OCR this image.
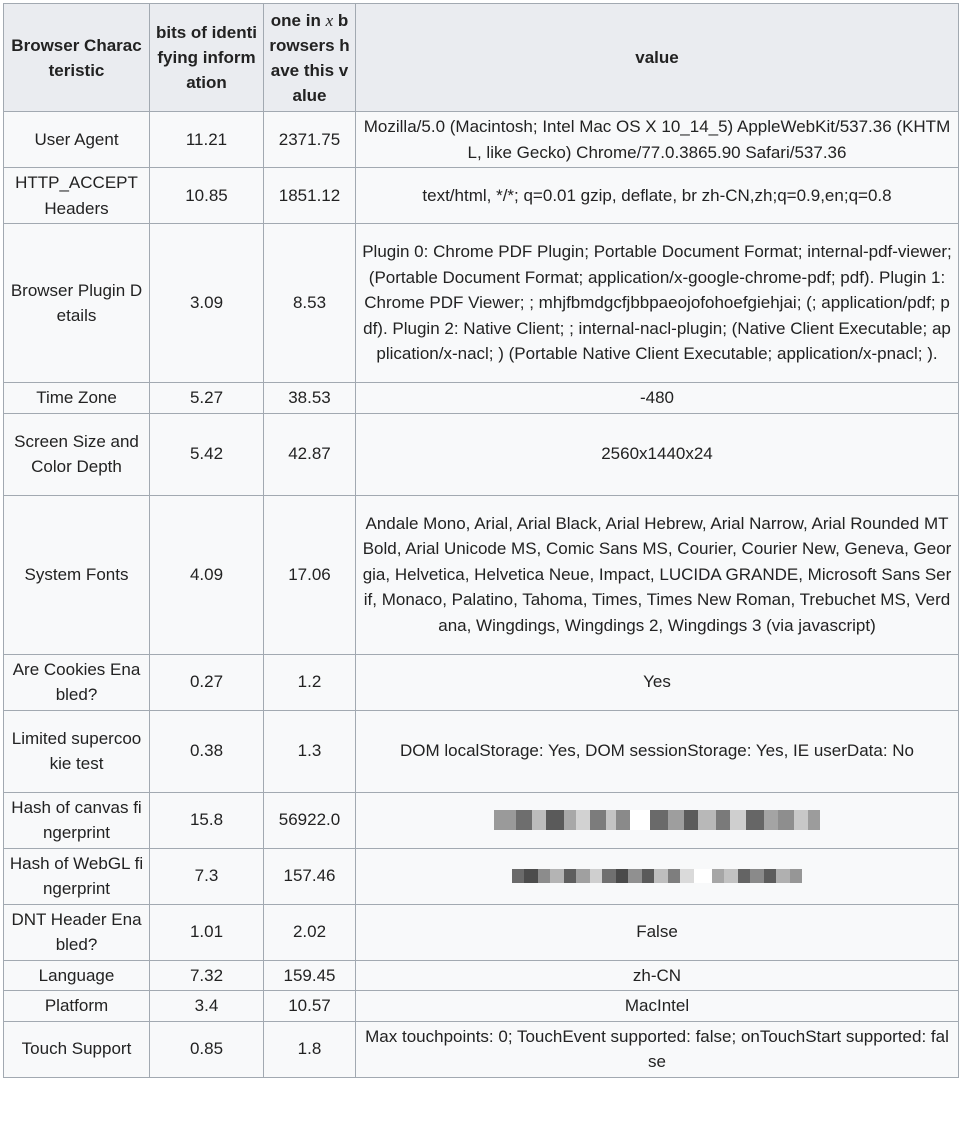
Browser Characteristic	bits of identifying information	one in x browsers have this value	value
User Agent	11.21	2371.75	Mozilla/5.0 (Macintosh; Intel Mac OS X 10_14_5) AppleWebKit/537.36 (KHTML, like Gecko) Chrome/77.0.3865.90 Safari/537.36
HTTP_ACCEPT Headers	10.85	1851.12	text/html, */*; q=0.01 gzip, deflate, br zh-CN,zh;q=0.9,en;q=0.8
Browser Plugin Details	3.09	8.53	Plugin 0: Chrome PDF Plugin; Portable Document Format; internal-pdf-viewer; (Portable Document Format; application/x-google-chrome-pdf; pdf). Plugin 1: Chrome PDF Viewer; ; mhjfbmdgcfjbbpaeojofohoefgiehjai; (; application/pdf; pdf). Plugin 2: Native Client; ; internal-nacl-plugin; (Native Client Executable; application/x-nacl; ) (Portable Native Client Executable; application/x-pnacl; ).
Time Zone	5.27	38.53	-480
Screen Size and Color Depth	5.42	42.87	2560x1440x24
System Fonts	4.09	17.06	Andale Mono, Arial, Arial Black, Arial Hebrew, Arial Narrow, Arial Rounded MT Bold, Arial Unicode MS, Comic Sans MS, Courier, Courier New, Geneva, Georgia, Helvetica, Helvetica Neue, Impact, LUCIDA GRANDE, Microsoft Sans Serif, Monaco, Palatino, Tahoma, Times, Times New Roman, Trebuchet MS, Verdana, Wingdings, Wingdings 2, Wingdings 3 (via javascript)
Are Cookies Enabled?	0.27	1.2	Yes
Limited supercookie test	0.38	1.3	DOM localStorage: Yes, DOM sessionStorage: Yes, IE userData: No
Hash of canvas fingerprint	15.8	56922.0	

Hash of WebGL fingerprint	7.3	157.46	

DNT Header Enabled?	1.01	2.02	False
Language	7.32	159.45	zh-CN
Platform	3.4	10.57	MacIntel
Touch Support	0.85	1.8	Max touchpoints: 0; TouchEvent supported: false; onTouchStart supported: false
